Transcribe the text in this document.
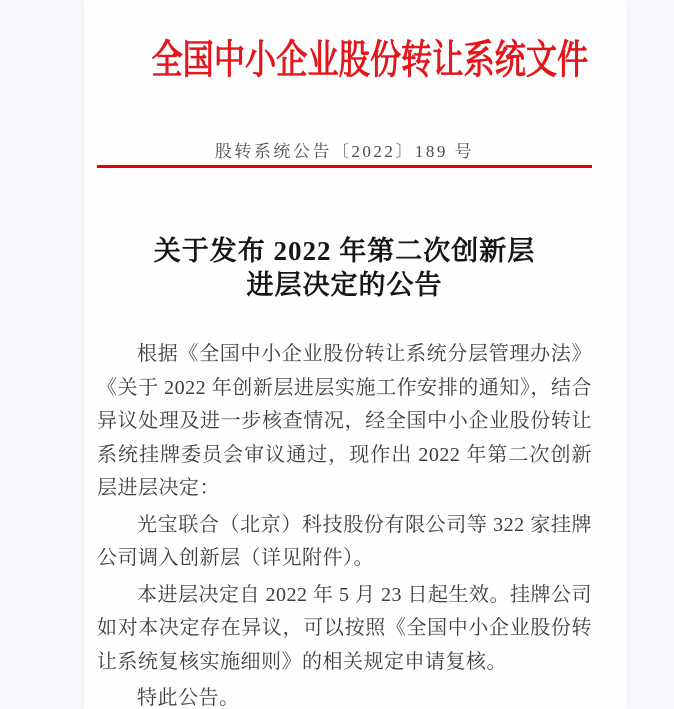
全国中小企业股份转让系统文件
股转系统公告〔2022〕189 号
关于发布 2022 年第二次创新层
进层决定的公告

根据《全国中小企业股份转让系统分层管理办法》《关于 2022 年创新层进层实施工作安排的通知》，结合异议处理及进一步核查情况，经全国中小企业股份转让系统挂牌委员会审议通过，现作出 2022 年第二次创新层进层决定：

光宝联合（北京）科技股份有限公司等 322 家挂牌公司调入创新层（详见附件）。

本进层决定自 2022 年 5 月 23 日起生效。挂牌公司如对本决定存在异议，可以按照《全国中小企业股份转让系统复核实施细则》的相关规定申请复核。

特此公告。
